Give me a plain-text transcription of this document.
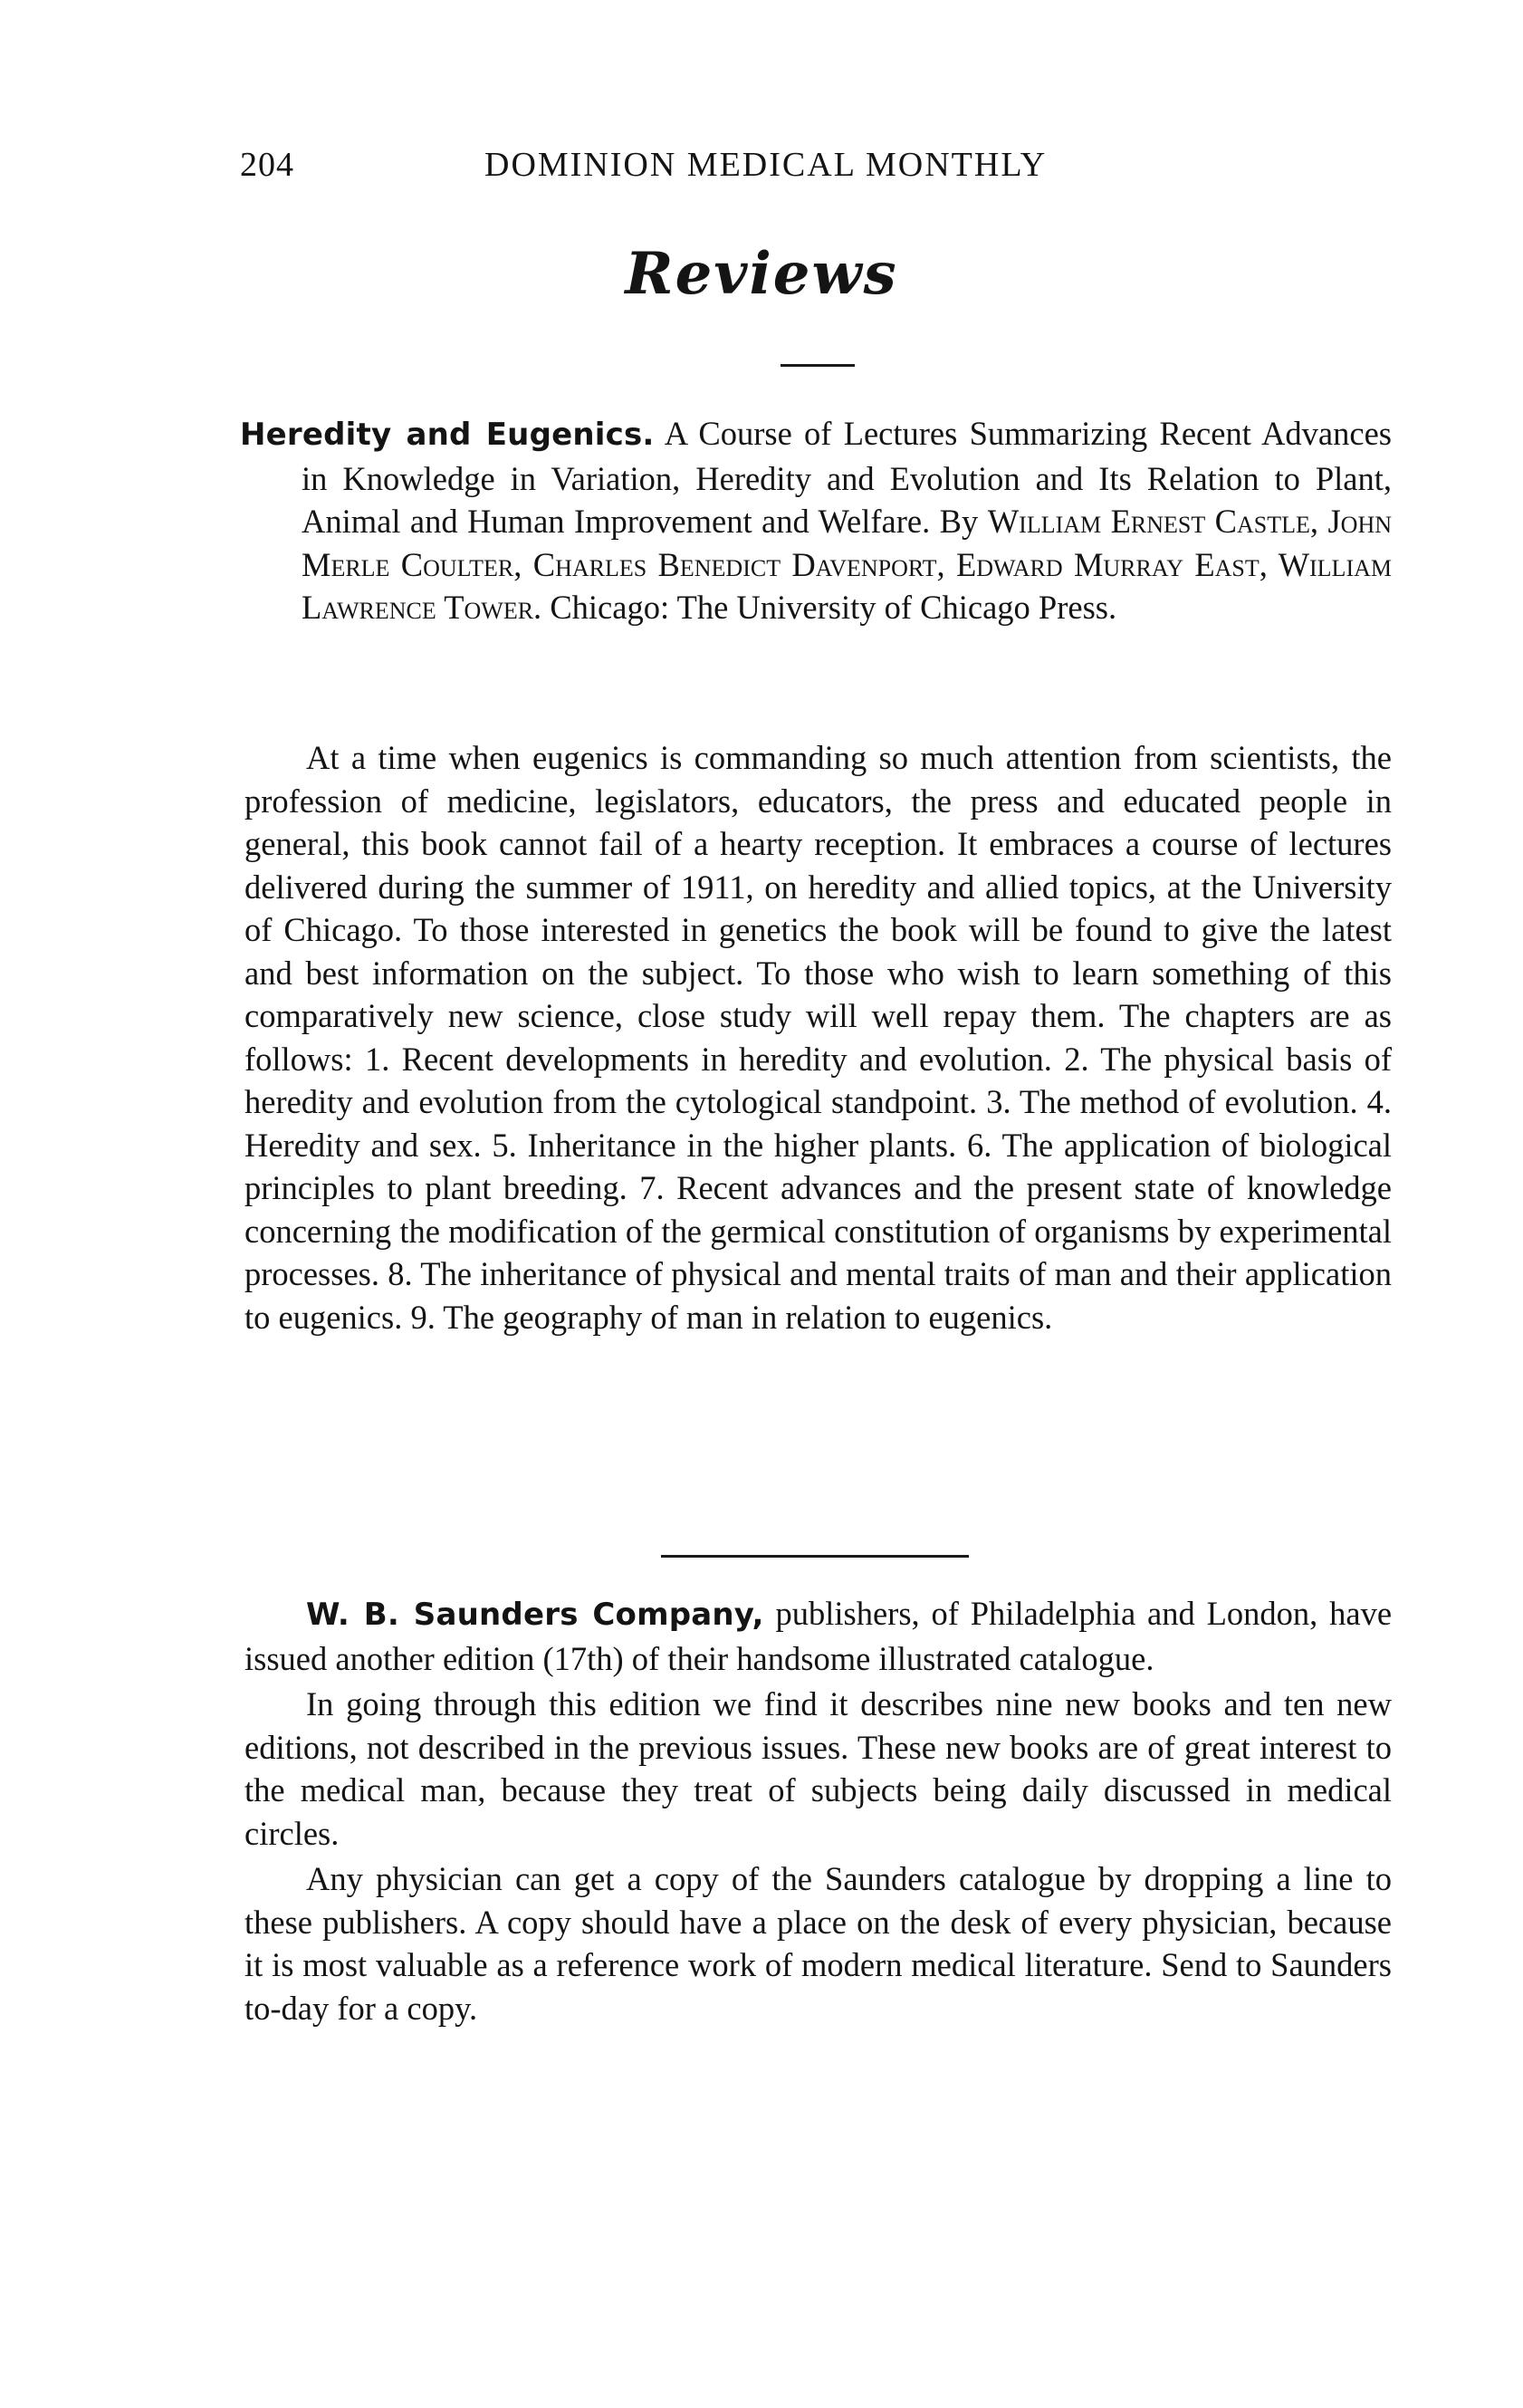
204	DOMINION MEDICAL MONTHLY
Reviews
Heredity and Eugenics. A Course of Lectures Summarizing Recent Advances in Knowledge in Variation, Heredity and Evolution and Its Relation to Plant, Animal and Human Improvement and Welfare. By William Ernest Castle, John Merle Coulter, Charles Benedict Davenport, Edward Murray East, William Lawrence Tower. Chicago: The University of Chicago Press.

At a time when eugenics is commanding so much attention from scientists, the profession of medicine, legislators, educators, the press and educated people in general, this book cannot fail of a hearty reception. It embraces a course of lectures delivered during the summer of 1911, on heredity and allied topics, at the University of Chicago. To those interested in genetics the book will be found to give the latest and best information on the subject. To those who wish to learn something of this comparatively new science, close study will well repay them. The chapters are as follows: 1. Recent developments in heredity and evolution. 2. The physical basis of heredity and evolution from the cytological standpoint. 3. The method of evolution. 4. Heredity and sex. 5. Inheritance in the higher plants. 6. The application of biological principles to plant breeding. 7. Recent advances and the present state of knowledge concerning the modification of the germical constitution of organisms by experimental processes. 8. The inheritance of physical and mental traits of man and their application to eugenics. 9. The geography of man in relation to eugenics.

W. B. Saunders Company, publishers, of Philadelphia and London, have issued another edition (17th) of their handsome illustrated catalogue.

In going through this edition we find it describes nine new books and ten new editions, not described in the previous issues. These new books are of great interest to the medical man, because they treat of subjects being daily discussed in medical circles.

Any physician can get a copy of the Saunders catalogue by dropping a line to these publishers. A copy should have a place on the desk of every physician, because it is most valuable as a reference work of modern medical literature. Send to Saunders to-day for a copy.
